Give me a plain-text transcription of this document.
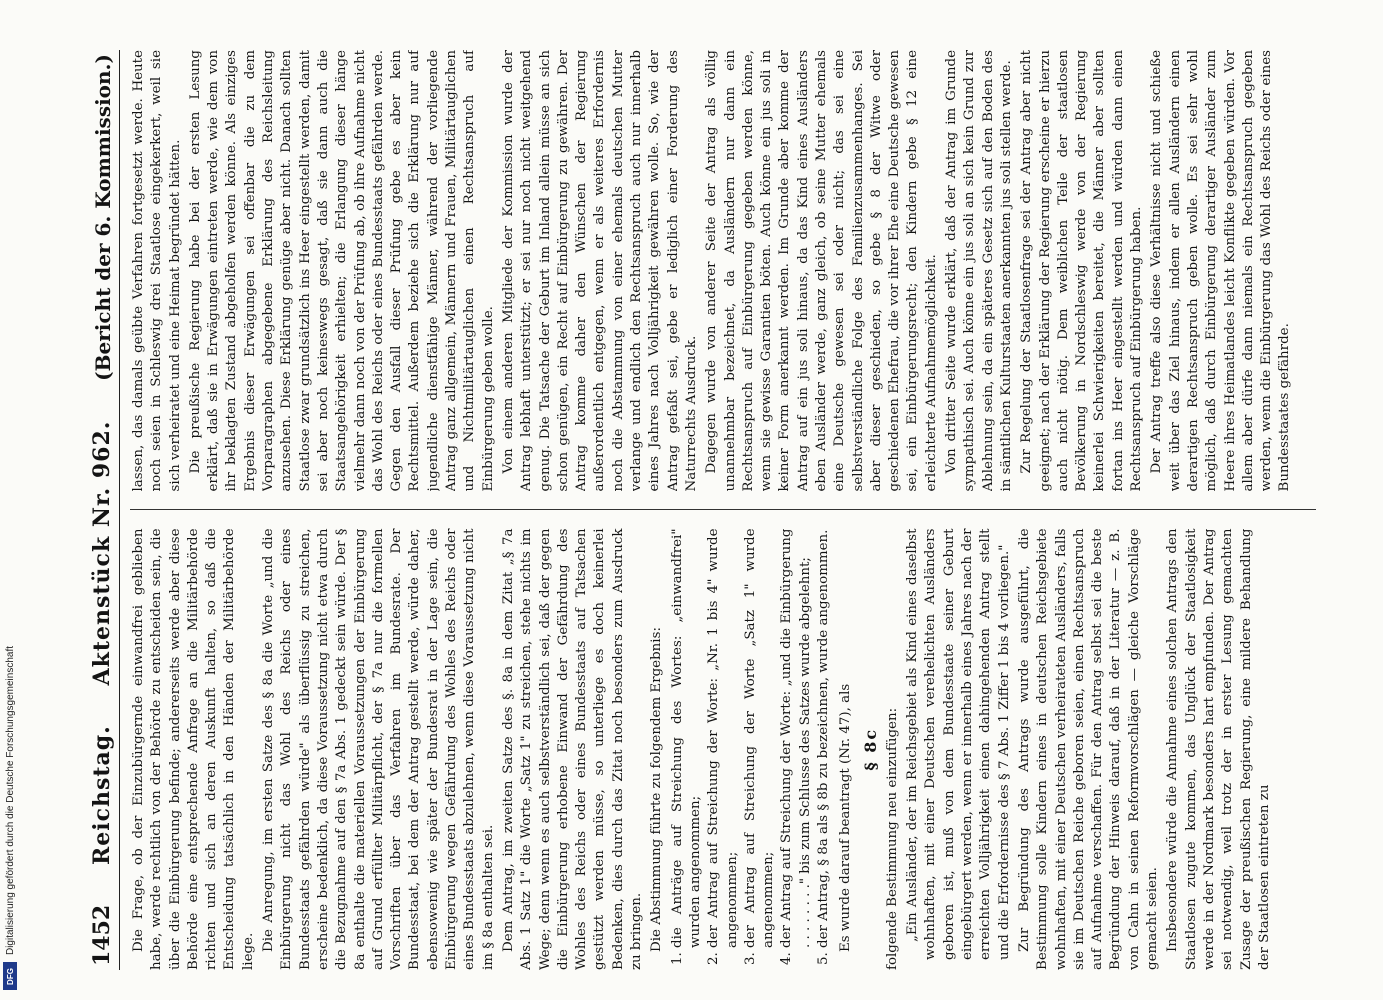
Digitalisierung gefördert durch die Deutsche Forschungsgemeinschaft
DFG
1452
Reichstag.
Aktenstück Nr. 962.
(Bericht der 6. Kommission.)

Die Frage, ob der Einzubürgernde einwandfrei geblieben habe, werde rechtlich von der Behörde zu entscheiden sein, die über die Einbürgerung befinde; andererseits werde aber diese Behörde eine entsprechende Anfrage an die Militärbehörde richten und sich an deren Auskunft halten, so daß die Entscheidung tatsächlich in den Händen der Militärbehörde liege. Die Anregung, im ersten Satze des § 8a die Worte „und die Einbürgerung nicht das Wohl des Reichs oder eines Bundesstaats gefährden würde" als überflüssig zu streichen, erscheine bedenklich, da diese Voraussetzung nicht etwa durch die Bezugnahme auf den § 7a Abs. 1 gedeckt sein würde. Der § 8a enthalte die materiellen Voraussetzungen der Einbürgerung auf Grund erfüllter Militärpflicht, der § 7a nur die formellen Vorschriften über das Verfahren im Bundesrate. Der Bundesstaat, bei dem der Antrag gestellt werde, würde daher, ebensowenig wie später der Bundesrat in der Lage sein, die Einbürgerung wegen Gefährdung des Wohles des Reichs oder eines Bundesstaats abzulehnen, wenn diese Voraussetzung nicht im § 8a enthalten sei. Dem Antrag, im zweiten Satze des §. 8a in dem Zitat „§ 7a Abs. 1 Satz 1" die Worte „Satz 1" zu streichen, stehe nichts im Wege; denn wenn es auch selbstverständlich sei, daß der gegen die Einbürgerung erhobene Einwand der Gefährdung des Wohles des Reichs oder eines Bundesstaats auf Tatsachen gestützt werden müsse, so unterliege es doch keinerlei Bedenken, dies durch das Zitat noch besonders zum Ausdruck zu bringen. Die Abstimmung führte zu folgendem Ergebnis: 1. die Anträge auf Streichung des Wortes: „einwandfrei" wurden angenommen; 2. der Antrag auf Streichung der Worte: „Nr. 1 bis 4" wurde angenommen; 3. der Antrag auf Streichung der Worte „Satz 1" wurde angenommen; 4. der Antrag auf Streichung der Worte: „und die Einbürgerung . . . . . . . ." bis zum Schlusse des Satzes wurde abgelehnt; 5. der Antrag, § 8a als § 8b zu bezeichnen, wurde angenommen. Es wurde darauf beantragt (Nr. 47), als § 8c folgende Bestimmung neu einzufügen: „Ein Ausländer, der im Reichsgebiet als Kind eines daselbst wohnhaften, mit einer Deutschen verehelichten Ausländers geboren ist, muß von dem Bundesstaate seiner Geburt eingebürgert werden, wenn er innerhalb eines Jahres nach der erreichten Volljährigkeit einen dahingehenden Antrag stellt und die Erfordernisse des § 7 Abs. 1 Ziffer 1 bis 4 vorliegen." Zur Begründung des Antrags wurde ausgeführt, die Bestimmung solle Kindern eines in deutschen Reichsgebiete wohnhaften, mit einer Deutschen verheirateten Ausländers, falls sie im Deutschen Reiche geboren seien, einen Rechtsanspruch auf Aufnahme verschaffen. Für den Antrag selbst sei die beste Begründung der Hinweis darauf, daß in der Literatur — z. B. von Cahn in seinen Reformvorschlägen — gleiche Vorschläge gemacht seien. Insbesondere würde die Annahme eines solchen Antrags den Staatlosen zugute kommen, das Unglück der Staatlosigkeit werde in der Nordmark besonders hart empfunden. Der Antrag sei notwendig, weil trotz der in erster Lesung gemachten Zusage der preußischen Regierung, eine mildere Behandlung der Staatlosen eintreten zu

lassen, das damals geübte Verfahren fortgesetzt werde. Heute noch seien in Schleswig drei Staatlose eingekerkert, weil sie sich verheiratet und eine Heimat begründet hätten. Die preußische Regierung habe bei der ersten Lesung erklärt, daß sie in Erwägungen eintreten werde, wie dem von ihr beklagten Zustand abgeholfen werden könne. Als einziges Ergebnis dieser Erwägungen sei offenbar die zu dem Vorparagraphen abgegebene Erklärung des Reichsleitung anzusehen. Diese Erklärung genüge aber nicht. Danach sollten Staatlose zwar grundsätzlich ins Heer eingestellt werden, damit sei aber noch keineswegs gesagt, daß sie dann auch die Staatsangehörigkeit erhielten; die Erlangung dieser hänge vielmehr dann noch von der Prüfung ab, ob ihre Aufnahme nicht das Wohl des Reichs oder eines Bundesstaats gefährden werde. Gegen den Ausfall dieser Prüfung gebe es aber kein Rechtsmittel. Außerdem beziehe sich die Erklärung nur auf jugendliche dienstfähige Männer, während der vorliegende Antrag ganz allgemein, Männern und Frauen, Militärtauglichen und Nichtmilitärtauglichen einen Rechtsanspruch auf Einbürgerung geben wolle. Von einem anderen Mitgliede der Kommission wurde der Antrag lebhaft unterstützt; er sei nur noch nicht weitgehend genug. Die Tatsache der Geburt im Inland allein müsse an sich schon genügen, ein Recht auf Einbürgerung zu gewähren. Der Antrag komme daher den Wünschen der Regierung außerordentlich entgegen, wenn er als weiteres Erfordernis noch die Abstammung von einer ehemals deutschen Mutter verlange und endlich den Rechtsanspruch auch nur innerhalb eines Jahres nach Volljährigkeit gewähren wolle. So, wie der Antrag gefaßt sei, gebe er lediglich einer Forderung des Naturrechts Ausdruck. Dagegen wurde von anderer Seite der Antrag als völlig unannehmbar bezeichnet, da Ausländern nur dann ein Rechtsanspruch auf Einbürgerung gegeben werden könne, wenn sie gewisse Garantien böten. Auch könne ein jus soli in keiner Form anerkannt werden. Im Grunde aber komme der Antrag auf ein jus soli hinaus, da das Kind eines Ausländers eben Ausländer werde, ganz gleich, ob seine Mutter ehemals eine Deutsche gewesen sei oder nicht; das sei eine selbstverständliche Folge des Familienzusammenhanges. Sei aber dieser geschieden, so gebe § 8 der Witwe oder geschiedenen Ehefrau, die vor ihrer Ehe eine Deutsche gewesen sei, ein Einbürgerungsrecht; den Kindern gebe § 12 eine erleichterte Aufnahmemöglichkeit. Von dritter Seite wurde erklärt, daß der Antrag im Grunde sympathisch sei. Auch könne ein jus soli an sich kein Grund zur Ablehnung sein, da ein späteres Gesetz sich auf den Boden des in sämtlichen Kulturstaaten anerkannten jus soli stellen werde. Zur Regelung der Staatlosenfrage sei der Antrag aber nicht geeignet; nach der Erklärung der Regierung erscheine er hierzu auch nicht nötig. Dem weiblichen Teile der staatlosen Bevölkerung in Nordschleswig werde von der Regierung keinerlei Schwierigkeiten bereitet, die Männer aber sollten fortan ins Heer eingestellt werden und würden dann einen Rechtsanspruch auf Einbürgerung haben. Der Antrag treffe also diese Verhältnisse nicht und schieße weit über das Ziel hinaus, indem er allen Ausländern einen derartigen Rechtsanspruch geben wolle. Es sei sehr wohl möglich, daß durch Einbürgerung derartiger Ausländer zum Heere ihres Heimatlandes leicht Konflikte gegeben würden. Vor allem aber dürfe dann niemals ein Rechtsanspruch gegeben werden, wenn die Einbürgerung das Wohl des Reichs oder eines Bundesstaates gefährde.
